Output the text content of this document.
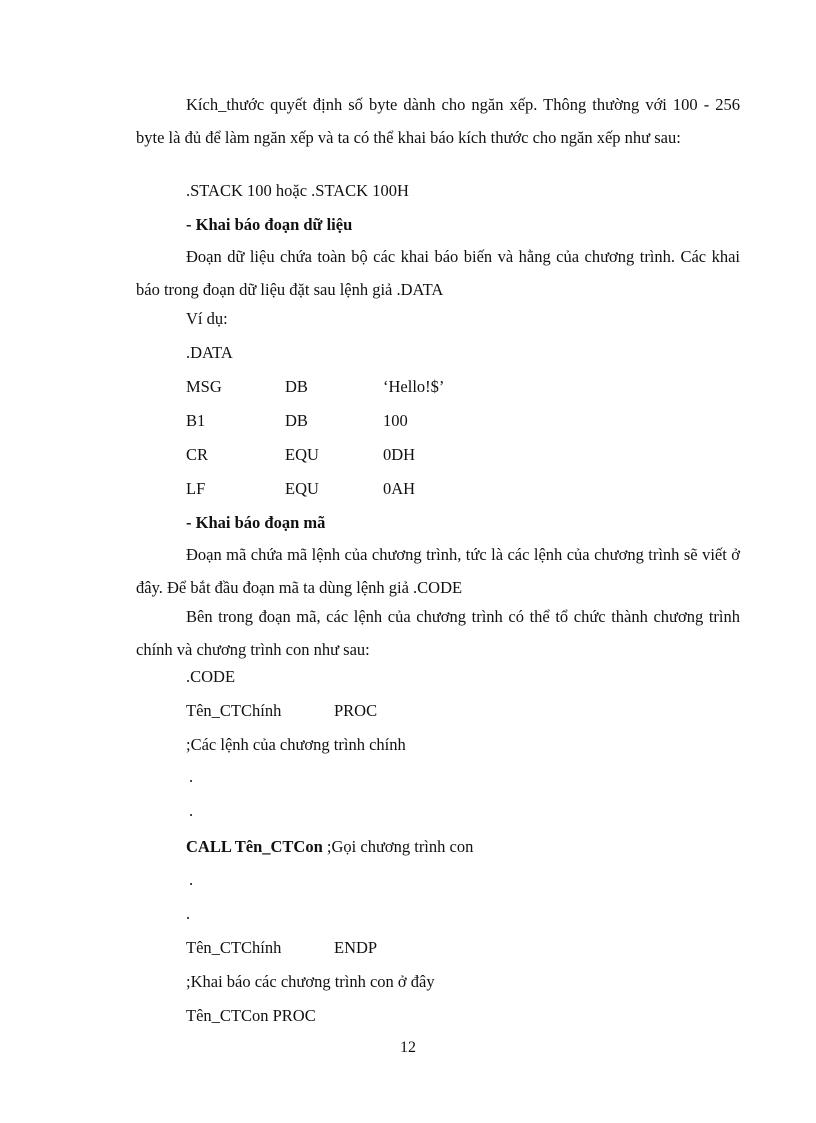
Kích_thước quyết định số byte dành cho ngăn xếp. Thông thường với 100 - 256 byte là đủ để làm ngăn xếp và ta có thể khai báo kích thước cho ngăn xếp như sau:
.STACK 100 hoặc .STACK 100H
- Khai báo đoạn dữ liệu
Đoạn dữ liệu chứa toàn bộ các khai báo biến và hằng của chương trình. Các khai báo trong đoạn dữ liệu đặt sau lệnh giả .DATA
Ví dụ:
.DATA
MSG	DB	‘Hello!$’
B1	DB	100
CR	EQU	0DH
LF	EQU	0AH
- Khai báo đoạn mã
Đoạn mã chứa mã lệnh của chương trình, tức là các lệnh của chương trình sẽ viết ở đây. Để bắt đầu đoạn mã ta dùng lệnh giả .CODE
Bên trong đoạn mã, các lệnh của chương trình có thể tổ chức thành chương trình chính và chương trình con như sau:
.CODE
Tên_CTChính	PROC
;Các lệnh của chương trình chính
.
.
CALL Tên_CTCon ;Gọi chương trình con
.
.
Tên_CTChính	ENDP
;Khai báo các chương trình con ở đây
Tên_CTCon PROC
12
